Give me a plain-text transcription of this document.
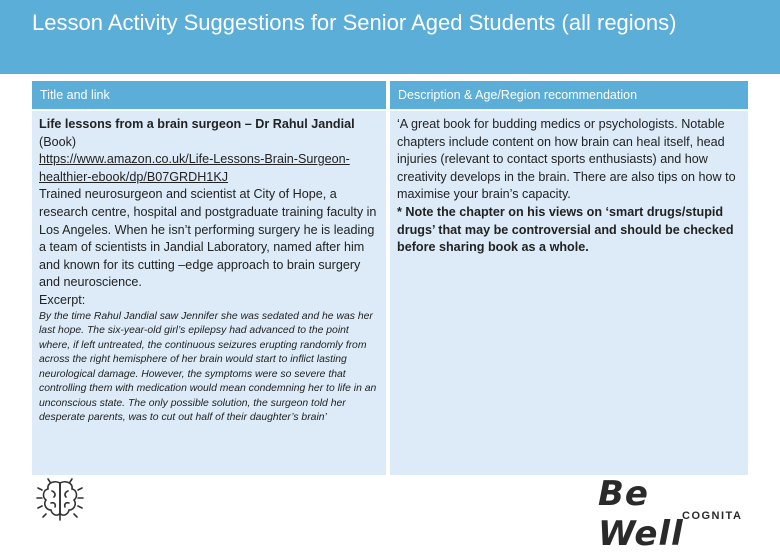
Lesson Activity Suggestions for Senior Aged Students (all regions)
Title and link	Description & Age/Region recommendation

Life lessons from a brain surgeon – Dr Rahul Jandial (Book)

https://www.amazon.co.uk/Life-Lessons-Brain-Surgeon-healthier-ebook/dp/B07GRDH1KJ

Trained neurosurgeon and scientist at City of Hope, a research centre, hospital and postgraduate training faculty in Los Angeles. When he isn’t performing surgery he is leading a team of scientists in Jandial Laboratory, named after him and known for its cutting –edge approach to brain surgery and neuroscience.

Excerpt:

By the time Rahul Jandial saw Jennifer she was sedated and he was her last hope. The six-year-old girl’s epilepsy had advanced to the point where, if left untreated, the continuous seizures erupting randomly from across the right hemisphere of her brain would start to inflict lasting neurological damage. However, the symptoms were so severe that controlling them with medication would mean condemning her to life in an unconscious state. The only possible solution, the surgeon told her desperate parents, was to cut out half of their daughter’s brain’

‘A great book for budding medics or psychologists. Notable chapters include content on how brain can heal itself, head injuries (relevant to contact sports enthusiasts) and how creativity develops in the brain. There are also tips on how to maximise your brain’s capacity.

* Note the chapter on his views on ‘smart drugs/stupid drugs’ that may be controversial and should be checked before sharing book as a whole.

Be Well
COGNITA
